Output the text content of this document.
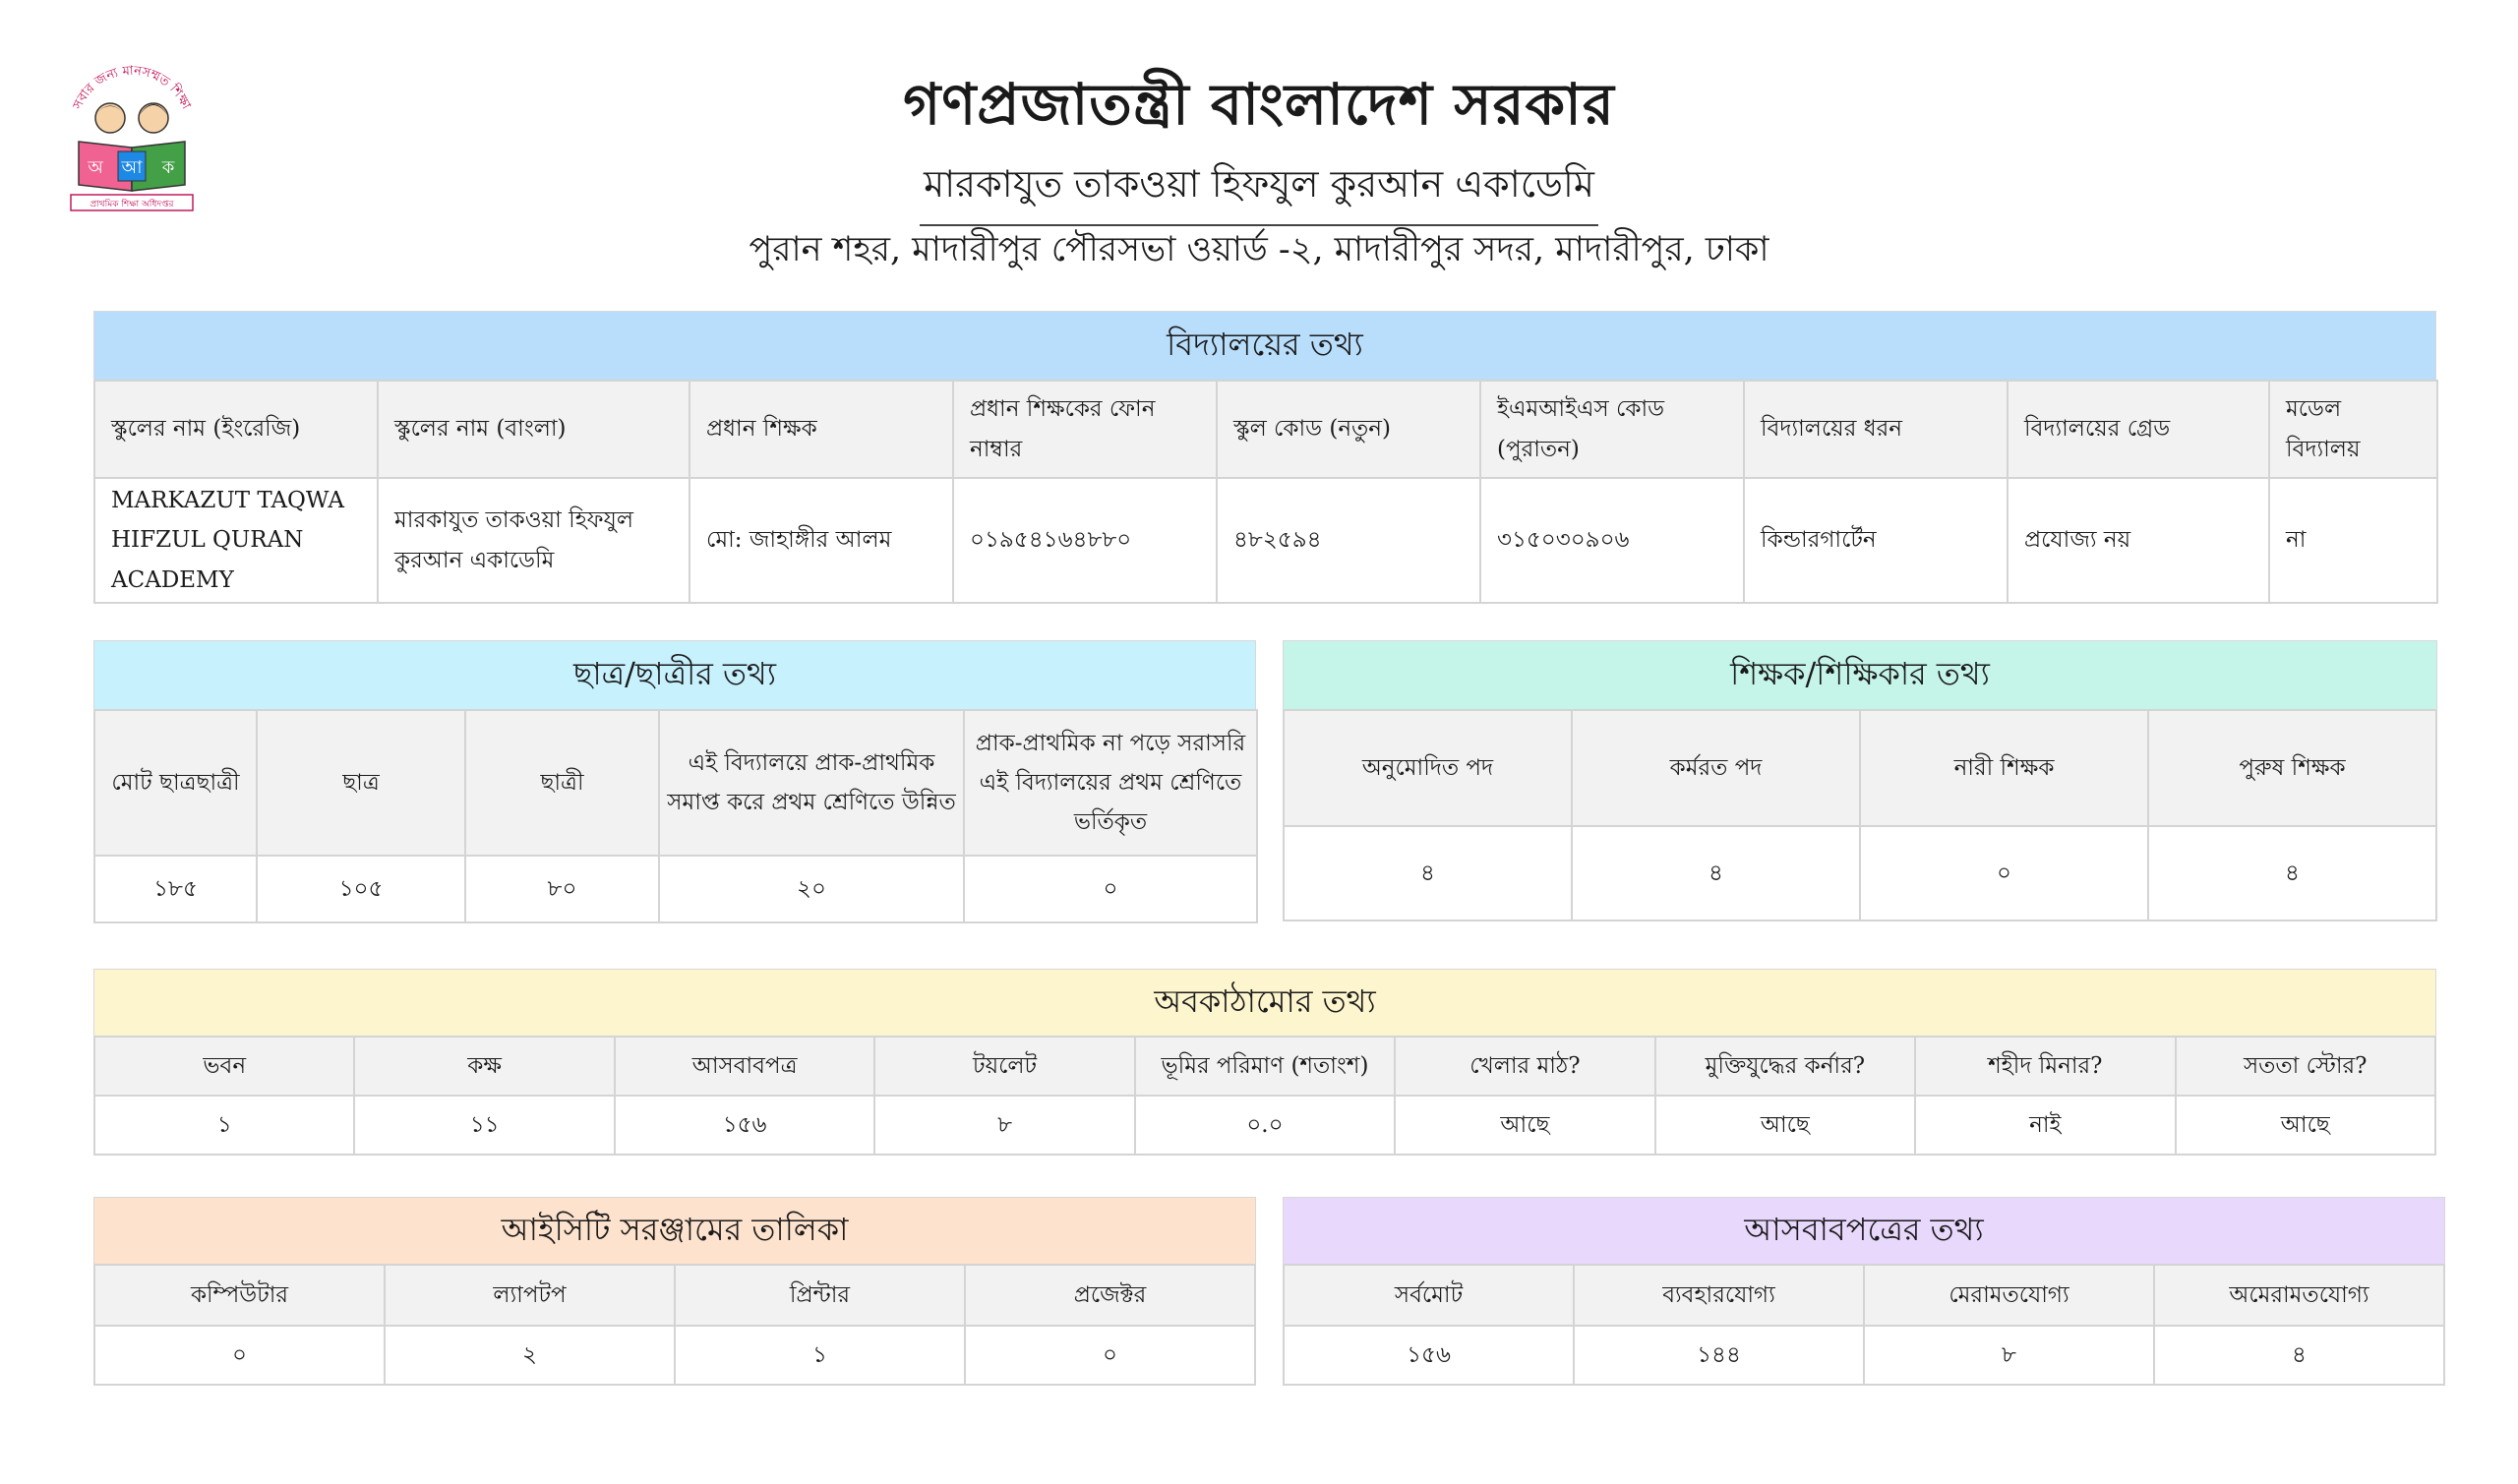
সবার জন্য মানসম্মত শিক্ষা
অ আ ক
প্রাথমিক শিক্ষা অধিদপ্তর
গণপ্রজাতন্ত্রী বাংলাদেশ সরকার
মারকাযুত তাকওয়া হিফযুল কুরআন একাডেমি
পুরান শহর, মাদারীপুর পৌরসভা ওয়ার্ড -২, মাদারীপুর সদর, মাদারীপুর, ঢাকা
বিদ্যালয়ের তথ্য
স্কুলের নাম (ইংরেজি)	স্কুলের নাম (বাংলা)	প্রধান শিক্ষক	প্রধান শিক্ষকের ফোন নাম্বার	স্কুল কোড (নতুন)	ইএমআইএস কোড (পুরাতন)	বিদ্যালয়ের ধরন	বিদ্যালয়ের গ্রেড	মডেল বিদ্যালয়
MARKAZUT TAQWA HIFZUL QURAN ACADEMY	মারকাযুত তাকওয়া হিফযুল কুরআন একাডেমি	মো: জাহাঙ্গীর আলম	০১৯৫৪১৬৪৮৮০	৪৮২৫৯৪	৩১৫০৩০৯০৬	কিন্ডারগার্টেন	প্রযোজ্য নয়	না
ছাত্র/ছাত্রীর তথ্য
মোট ছাত্রছাত্রী	ছাত্র	ছাত্রী	এই বিদ্যালয়ে প্রাক-প্রাথমিক সমাপ্ত করে প্রথম শ্রেণিতে উন্নিত	প্রাক-প্রাথমিক না পড়ে সরাসরি এই বিদ্যালয়ের প্রথম শ্রেণিতে ভর্তিকৃত
১৮৫	১০৫	৮০	২০	০
শিক্ষক/শিক্ষিকার তথ্য
অনুমোদিত পদ	কর্মরত পদ	নারী শিক্ষক	পুরুষ শিক্ষক
৪	৪	০	৪
অবকাঠামোর তথ্য
ভবন	কক্ষ	আসবাবপত্র	টয়লেট	ভূমির পরিমাণ (শতাংশ)	খেলার মাঠ?	মুক্তিযুদ্ধের কর্নার?	শহীদ মিনার?	সততা স্টোর?
১	১১	১৫৬	৮	০.০	আছে	আছে	নাই	আছে
আইসিটি সরঞ্জামের তালিকা
কম্পিউটার	ল্যাপটপ	প্রিন্টার	প্রজেক্টর
০	২	১	০
আসবাবপত্রের তথ্য
সর্বমোট	ব্যবহারযোগ্য	মেরামতযোগ্য	অমেরামতযোগ্য
১৫৬	১৪৪	৮	৪
